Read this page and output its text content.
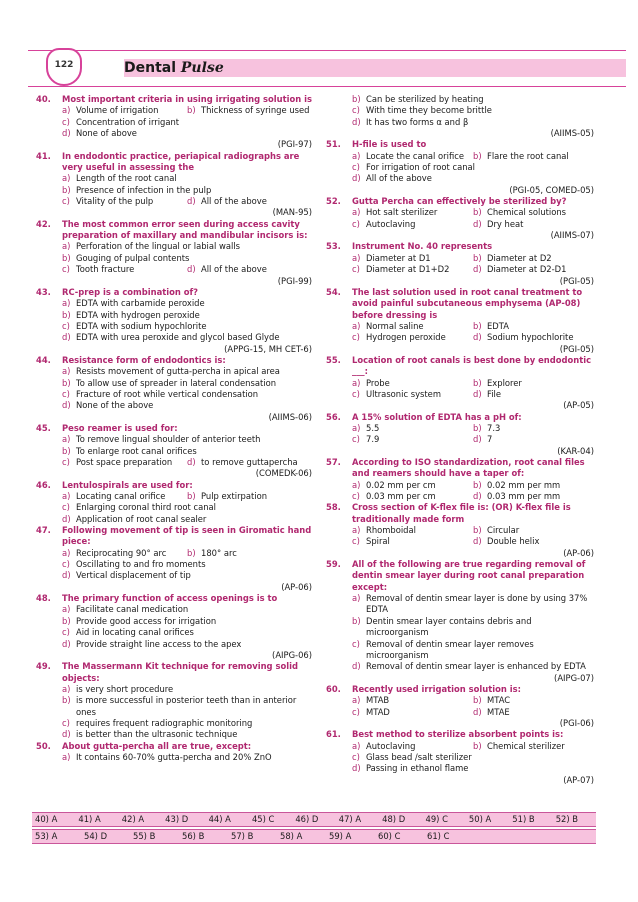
122	Dental Pulse
40.	Most important criteria in using irrigating solution is
a) Volume of irrigation	b) Thickness of syringe used
c) Concentration of irrigant
d) None of above
(PGI-97)
41.	In endodontic practice, periapical radiographs are very useful in assessing the
a) Length of the root canal
b) Presence of infection in the pulp
c) Vitality of the pulp	d) All of the above
(MAN-95)
42.	The most common error seen during access cavity preparation of maxillary and mandibular incisors is:
a) Perforation of the lingual or labial walls
b) Gouging of pulpal contents
c) Tooth fracture	d) All of the above
(PGI-99)
43.	RC-prep is a combination of?
a) EDTA with carbamide peroxide
b) EDTA with hydrogen peroxide
c) EDTA with sodium hypochlorite
d) EDTA with urea peroxide and glycol based Glyde
(APPG-15, MH CET-6)
44.	Resistance form of endodontics is:
a) Resists movement of gutta-percha in apical area
b) To allow use of spreader in lateral condensation
c) Fracture of root while vertical condensation
d) None of the above
(AIIMS-06)
45.	Peso reamer is used for:
a) To remove lingual shoulder of anterior teeth
b) To enlarge root canal orifices
c) Post space preparation d) to remove guttapercha
(COMEDK-06)
46.	Lentulospirals are used for:
a) Locating canal orifice	b) Pulp extirpation
c) Enlarging coronal third root canal
d) Application of root canal sealer
47.	Following movement of tip is seen in Giromatic hand piece:
a) Reciprocating 90° arc b) 180° arc
c) Oscillating to and fro moments
d) Vertical displacement of tip
(AP-06)
48.	The primary function of access openings is to
a) Facilitate canal medication
b) Provide good access for irrigation
c) Aid in locating canal orifices
d) Provide straight line access to the apex
(AIPG-06)
49.	The Massermann Kit technique for removing solid objects:
a) is very short procedure
b) is more successful in posterior teeth than in anterior ones
c) requires frequent radiographic monitoring
d) is better than the ultrasonic technique
50.	About gutta-percha all are true, except:
a) It contains 60-70% gutta-percha and 20% ZnO
b) Can be sterilized by heating
c) With time they become brittle
d) It has two forms α and β
(AIIMS-05)
51.	H-file is used to
a) Locate the canal orifice b) Flare the root canal
c) For irrigation of root canal
d) All of the above
(PGI-05, COMED-05)
52.	Gutta Percha can effectively be sterilized by?
a) Hot salt sterilizer	b) Chemical solutions
c) Autoclaving	d) Dry heat
(AIIMS-07)
53.	Instrument No. 40 represents
a) Diameter at D1	b) Diameter at D2
c) Diameter at D1+D2	d) Diameter at D2-D1
(PGI-05)
54.	The last solution used in root canal treatment to avoid painful subcutaneous emphysema (AP-08) before dressing is
a) Normal saline	b) EDTA
c) Hydrogen peroxide	d) Sodium hypochlorite
(PGI-05)
55.	Location of root canals is best done by endodontic ___:
a) Probe	b) Explorer
c) Ultrasonic system	d) File
(AP-05)
56.	A 15% solution of EDTA has a pH of:
a) 5.5	b) 7.3
c) 7.9	d) 7
(KAR-04)
57.	According to ISO standardization, root canal files and reamers should have a taper of:
a) 0.02 mm per cm	b) 0.02 mm per mm
c) 0.03 mm per cm	d) 0.03 mm per mm
58.	Cross section of K-flex file is: (OR) K-flex file is traditionally made form
a) Rhomboidal	b) Circular
c) Spiral	d) Double helix
(AP-06)
59.	All of the following are true regarding removal of dentin smear layer during root canal preparation except:
a) Removal of dentin smear layer is done by using 37% EDTA
b) Dentin smear layer contains debris and microorganism
c) Removal of dentin smear layer removes microorganism
d) Removal of dentin smear layer is enhanced by EDTA
(AIPG-07)
60.	Recently used irrigation solution is:
a) MTAB	b) MTAC
c) MTAD	d) MTAE
(PGI-06)
61.	Best method to sterilize absorbent points is:
a) Autoclaving	b) Chemical sterilizer
c) Glass bead /salt sterilizer
d) Passing in ethanol flame
(AP-07)
40) A	41) A	42) A	43) D	44) A	45) C	46) D	47) A	48) D	49) C	50) A	51) B	52) B
53) A	54) D	55) B	56) B	57) B	58) A	59) A	60) C	61) C
